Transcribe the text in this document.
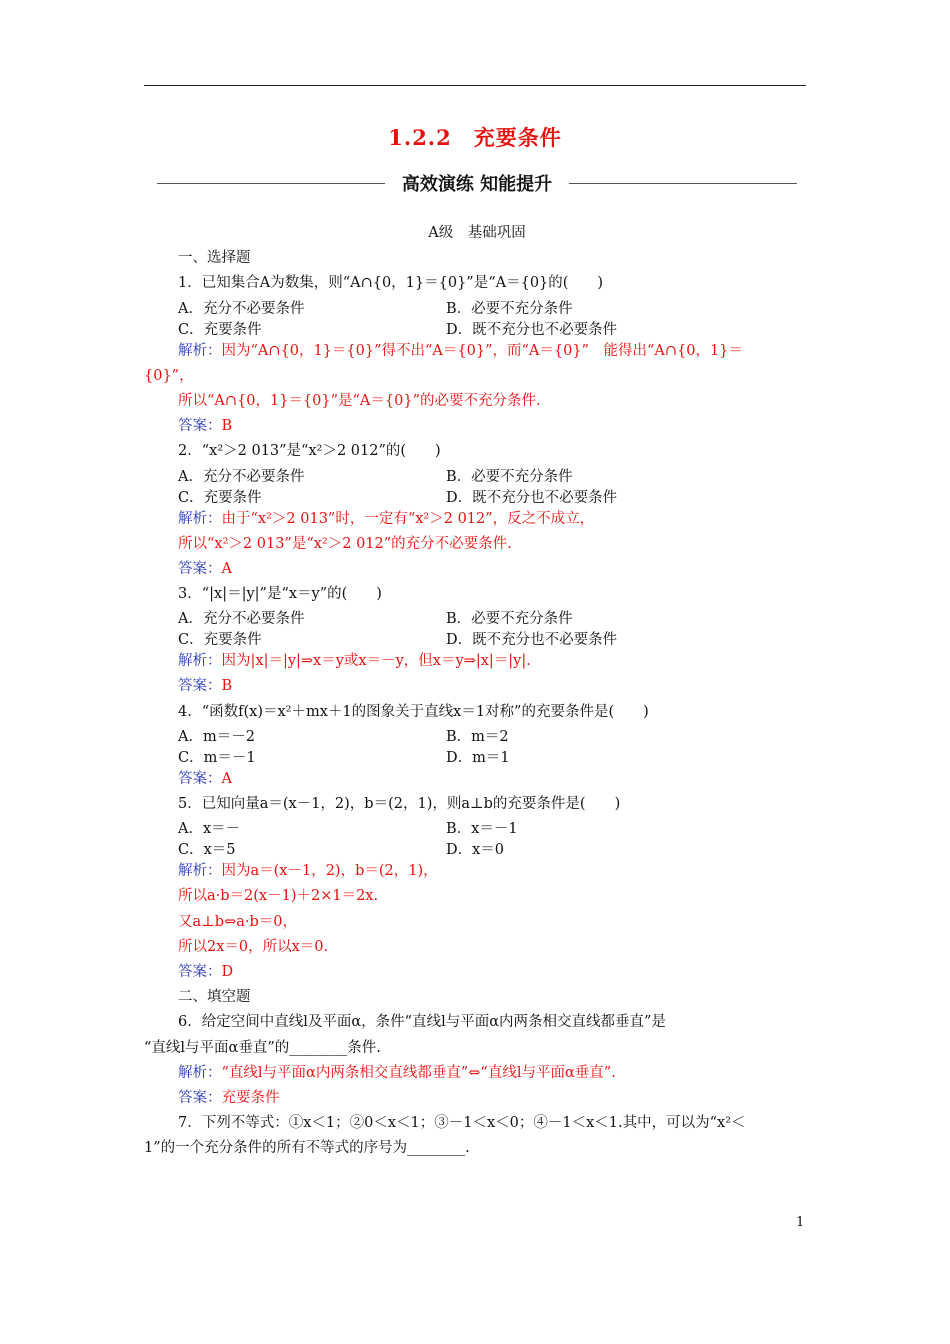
1.2.2　充要条件
高效演练 知能提升
A级　基础巩固
一、选择题
1．已知集合A为数集，则“A∩{0，1}＝{0}”是“A＝{0}的(　　)
A．充分不必要条件	B．必要不充分条件
C．充要条件	D．既不充分也不必要条件
解析：因为“A∩{0，1}＝{0}”得不出“A＝{0}”，而“A＝{0}”　能得出“A∩{0，1}＝
{0}”，
所以“A∩{0，1}＝{0}”是“A＝{0}”的必要不充分条件.
答案：B
2．“x²＞2 013”是“x²＞2 012”的(　　)
A．充分不必要条件	B．必要不充分条件
C．充要条件	D．既不充分也不必要条件
解析：由于“x²＞2 013”时，一定有“x²＞2 012”，反之不成立，
所以“x²＞2 013”是“x²＞2 012”的充分不必要条件.
答案：A
3．“|x|＝|y|”是“x＝y”的(　　)
A．充分不必要条件	B．必要不充分条件
C．充要条件	D．既不充分也不必要条件
解析：因为|x|＝|y|⇒x＝y或x＝－y，但x＝y⇒|x|＝|y|.
答案：B
4．“函数f(x)＝x²＋mx＋1的图象关于直线x＝1对称”的充要条件是(　　)
A．m＝－2	B．m＝2
C．m＝－1	D．m＝1
答案：A
5．已知向量a＝(x－1，2)，b＝(2，1)，则a⊥b的充要条件是(　　)
A．x＝－	B．x＝－1
C．x＝5	D．x＝0
解析：因为a＝(x－1，2)，b＝(2，1)，
所以a·b＝2(x－1)＋2×1＝2x.
又a⊥b⇔a·b＝0，
所以2x＝0，所以x＝0.
答案：D
二、填空题
6．给定空间中直线l及平面α，条件“直线l与平面α内两条相交直线都垂直”是
“直线l与平面α垂直”的________条件.
解析：“直线l与平面α内两条相交直线都垂直”⇔“直线l与平面α垂直”.
答案：充要条件
7．下列不等式：①x＜1；②0＜x＜1；③－1＜x＜0；④－1＜x＜1.其中，可以为“x²＜
1”的一个充分条件的所有不等式的序号为________.
1
